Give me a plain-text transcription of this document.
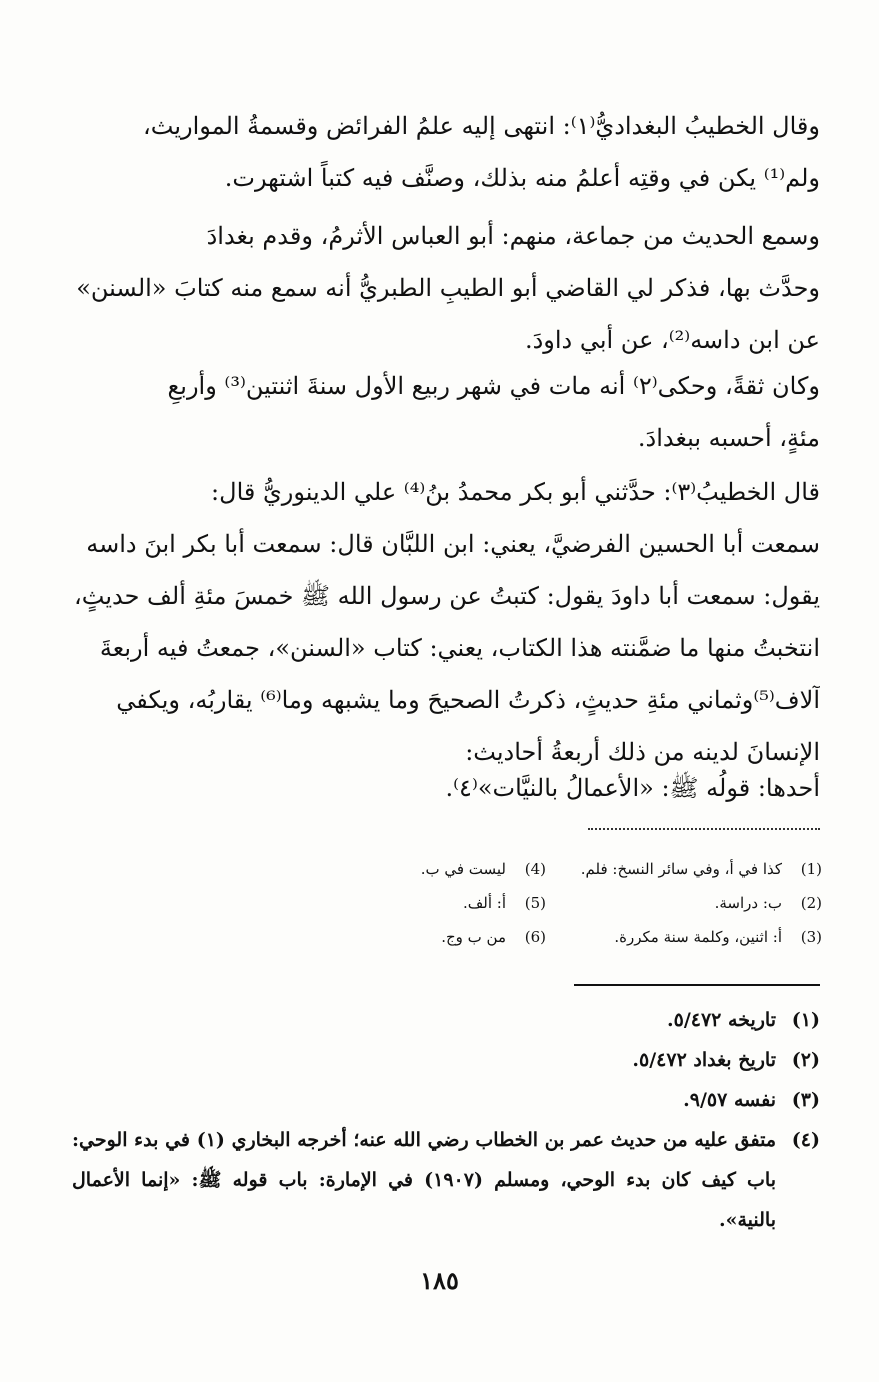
وقال الخطيبُ البغداديُّ⁽١⁾: انتهى إليه علمُ الفرائض وقسمةُ المواريث،
ولم⁽¹⁾ يكن في وقتِه أعلمُ منه بذلك، وصنَّف فيه كتباً اشتهرت.
وسمع الحديث من جماعة، منهم: أبو العباس الأثرمُ، وقدم بغدادَ
وحدَّث بها، فذكر لي القاضي أبو الطيبِ الطبريُّ أنه سمع منه كتابَ «السنن»
عن ابن داسه⁽²⁾، عن أبي داودَ.
وكان ثقةً، وحكى⁽٢⁾ أنه مات في شهر ربيع الأول سنةَ اثنتين⁽³⁾ وأربعِ
مئةٍ، أحسبه ببغدادَ.
قال الخطيبُ⁽٣⁾: حدَّثني أبو بكر محمدُ بنُ⁽⁴⁾ علي الدينوريُّ قال:
سمعت أبا الحسين الفرضيَّ، يعني: ابن اللبَّان قال: سمعت أبا بكر ابنَ داسه
يقول: سمعت أبا داودَ يقول: كتبتُ عن رسول الله ﷺ خمسَ مئةِ ألف حديثٍ،
انتخبتُ منها ما ضمَّنته هذا الكتاب، يعني: كتاب «السنن»، جمعتُ فيه أربعةَ
آلاف⁽⁵⁾وثماني مئةِ حديثٍ، ذكرتُ الصحيحَ وما يشبهه وما⁽⁶⁾ يقاربُه، ويكفي
الإنسانَ لدينه من ذلك أربعةُ أحاديث:
أحدها: قولُه ﷺ: «الأعمالُ بالنيَّات»⁽٤⁾.
(1)كذا في أ، وفي سائر النسخ: فلم.
(2)ب: دراسة.
(3)أ: اثنين، وكلمة سنة مكررة.
(4)ليست في ب.
(5)أ: ألف.
(6)من ب وج.
(١)تاريخه ٥/٤٧٢.
(٢)تاريخ بغداد ٥/٤٧٢.
(٣)نفسه ٩/٥٧.
(٤)
متفق عليه من حديث عمر بن الخطاب رضي الله عنه؛ أخرجه البخاري (١) في بدء الوحي: باب كيف كان بدء الوحي، ومسلم (١٩٠٧) في الإمارة: باب قوله ﷺ: «إنما الأعمال بالنية».
١٨٥
